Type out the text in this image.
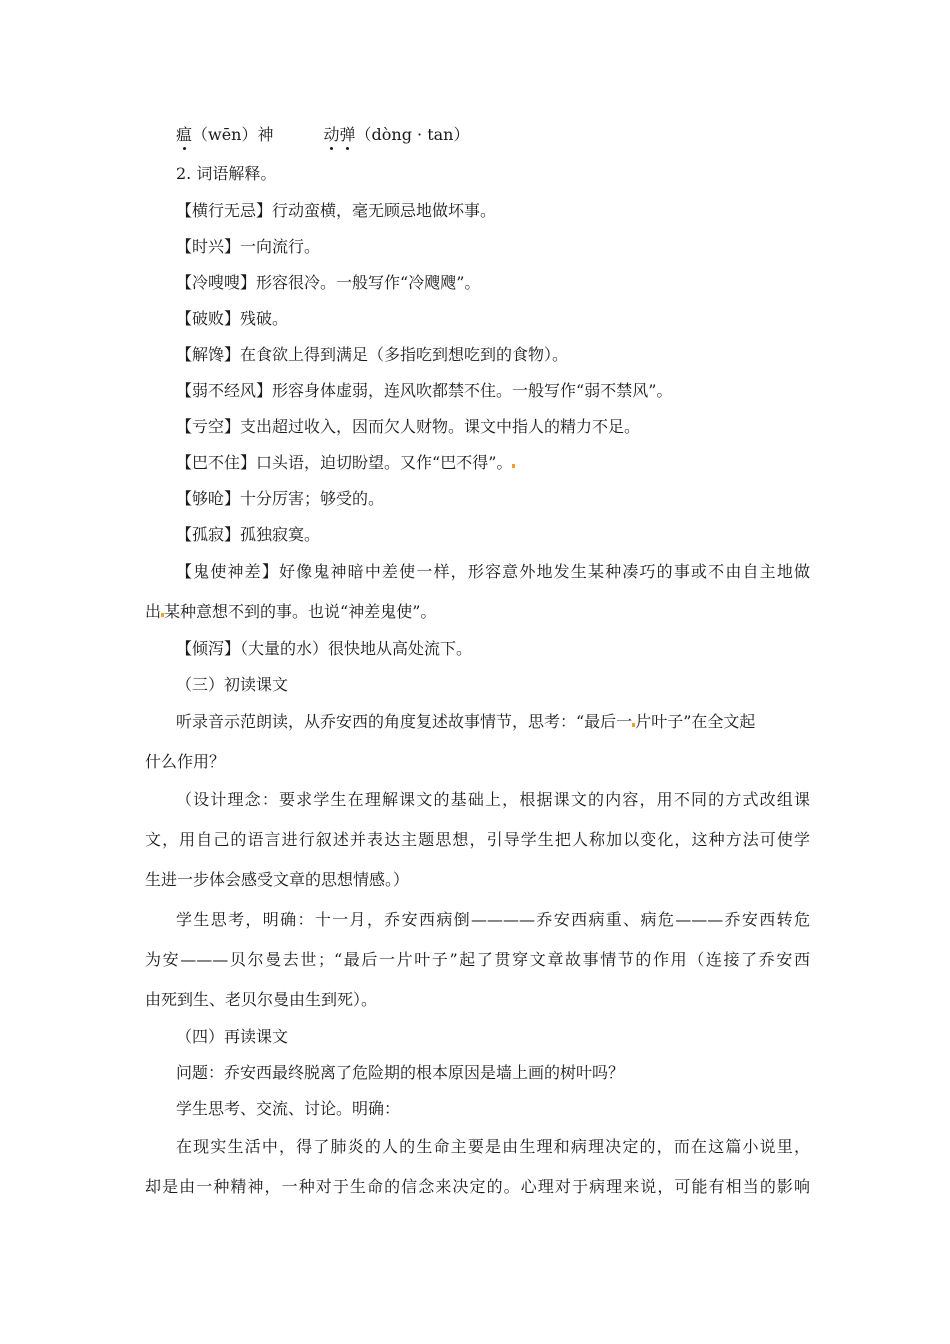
瘟（wēn）神	动弹（dòng · tan）
2. 词语解释。
【横行无忌】行动蛮横，毫无顾忌地做坏事。
【时兴】一向流行。
【冷嗖嗖】形容很冷。一般写作“冷飕飕”。
【破败】残破。
【解馋】在食欲上得到满足（多指吃到想吃到的食物）。
【弱不经风】形容身体虚弱，连风吹都禁不住。一般写作“弱不禁风”。
【亏空】支出超过收入，因而欠人财物。课文中指人的精力不足。
【巴不住】口头语，迫切盼望。又作“巴不得”。
【够呛】十分厉害；够受的。
【孤寂】孤独寂寞。
【鬼使神差】好像鬼神暗中差使一样，形容意外地发生某种凑巧的事或不由自主地做
出 某种意想不到的事。也说“神差鬼使”。
【倾泻】（大量的水）很快地从高处流下。
（三）初读课文
听录音示范朗读，从乔安西的角度复述故事情节，思考：“最后一 片叶子”在全文起
什么作用？
（设计理念：要求学生在理解课文的基础上，根据课文的内容，用不同的方式改组课
文，用自己的语言进行叙述并表达主题思想，引导学生把人称加以变化，这种方法可使学
生进一步体会感受文章的思想情感。）
学生思考，明确：十一月，乔安西病倒————乔安西病重、病危———乔安西转危
为安———贝尔曼去世；“最后一片叶子”起了贯穿文章故事情节的作用（连接了乔安西
由死到生、老贝尔曼由生到死）。
（四）再读课文
问题：乔安西最终脱离了危险期的根本原因是墙上画的树叶吗？
学生思考、交流、讨论。明确：
在现实生活中，得了肺炎的人的生命主要是由生理和病理决定的，而在这篇小说里，
却是由一种精神，一种对于生命的信念来决定的。心理对于病理来说，可能有相当的影响
